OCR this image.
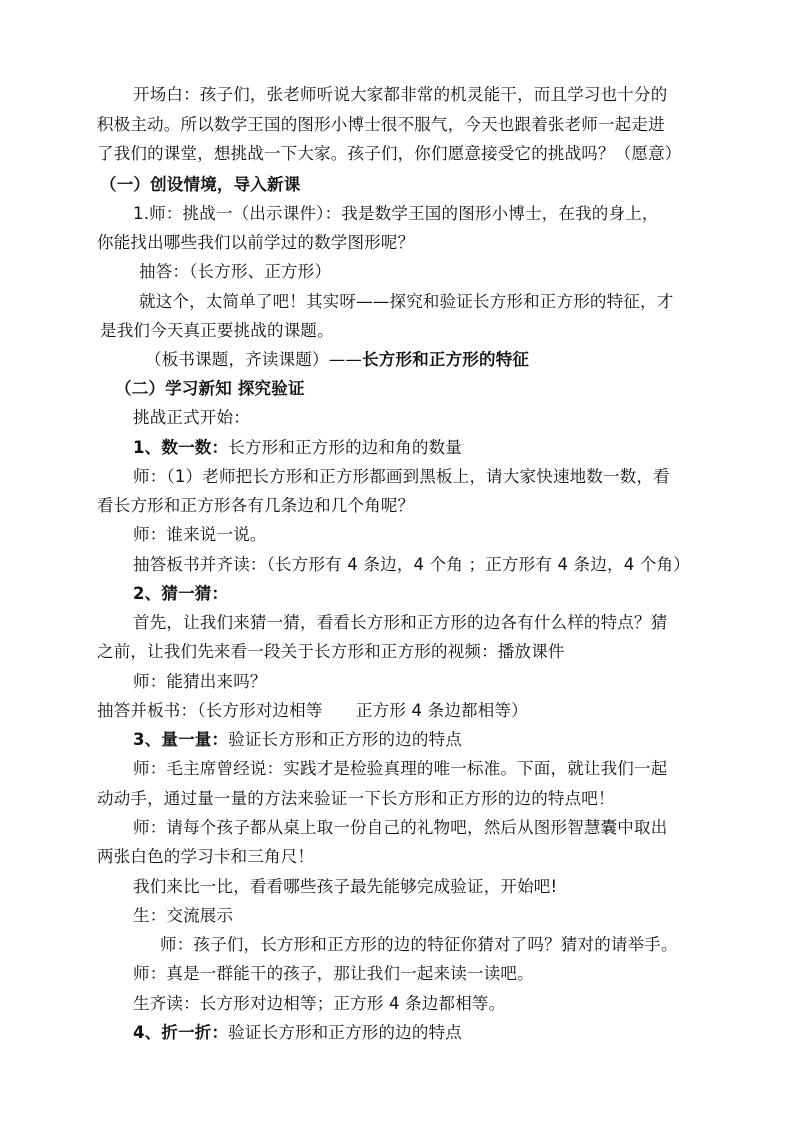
开场白：孩子们，张老师听说大家都非常的机灵能干，而且学习也十分的
积极主动。所以数学王国的图形小博士很不服气，今天也跟着张老师一起走进
了我们的课堂，想挑战一下大家。孩子们，你们愿意接受它的挑战吗？（愿意）
（一）创设情境，导入新课
1.师：挑战一（出示课件）：我是数学王国的图形小博士，在我的身上，
你能找出哪些我们以前学过的数学图形呢？
抽答：（长方形、正方形）
就这个，太简单了吧！其实呀——探究和验证长方形和正方形的特征，才
是我们今天真正要挑战的课题。
（板书课题，齐读课题）——长方形和正方形的特征
（二）学习新知 探究验证
挑战正式开始：
1、数一数：长方形和正方形的边和角的数量
师：（1）老师把长方形和正方形都画到黑板上，请大家快速地数一数，看
看长方形和正方形各有几条边和几个角呢？
师：谁来说一说。
抽答板书并齐读：（长方形有 4 条边，4 个角 ；正方形有 4 条边，4 个角）
2、猜一猜：
首先，让我们来猜一猜，看看长方形和正方形的边各有什么样的特点？猜
之前，让我们先来看一段关于长方形和正方形的视频：播放课件
师：能猜出来吗？
抽答并板书：（长方形对边相等　　正方形 4 条边都相等）
3、量一量：验证长方形和正方形的边的特点
师：毛主席曾经说：实践才是检验真理的唯一标准。下面，就让我们一起
动动手，通过量一量的方法来验证一下长方形和正方形的边的特点吧！
师：请每个孩子都从桌上取一份自己的礼物吧，然后从图形智慧囊中取出
两张白色的学习卡和三角尺！
我们来比一比，看看哪些孩子最先能够完成验证，开始吧!
生：交流展示
师：孩子们，长方形和正方形的边的特征你猜对了吗？猜对的请举手。
师：真是一群能干的孩子，那让我们一起来读一读吧。
生齐读：长方形对边相等；正方形 4 条边都相等。
4、折一折：验证长方形和正方形的边的特点
